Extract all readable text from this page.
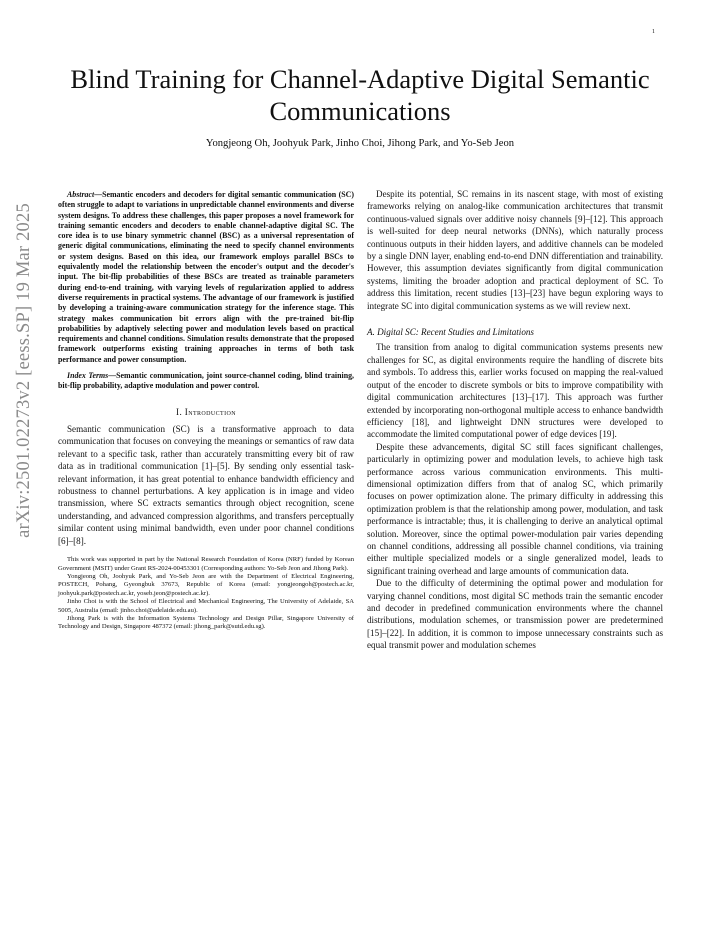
1
arXiv:2501.02273v2 [eess.SP] 19 Mar 2025
Blind Training for Channel-Adaptive Digital Semantic Communications
Yongjeong Oh, Joohyuk Park, Jinho Choi, Jihong Park, and Yo-Seb Jeon

Abstract—Semantic encoders and decoders for digital semantic communication (SC) often struggle to adapt to variations in unpredictable channel environments and diverse system designs. To address these challenges, this paper proposes a novel framework for training semantic encoders and decoders to enable channel-adaptive digital SC. The core idea is to use binary symmetric channel (BSC) as a universal representation of generic digital communications, eliminating the need to specify channel environments or system designs. Based on this idea, our framework employs parallel BSCs to equivalently model the relationship between the encoder's output and the decoder's input. The bit-flip probabilities of these BSCs are treated as trainable parameters during end-to-end training, with varying levels of regularization applied to address diverse requirements in practical systems. The advantage of our framework is justified by developing a training-aware communication strategy for the inference stage. This strategy makes communication bit errors align with the pre-trained bit-flip probabilities by adaptively selecting power and modulation levels based on practical requirements and channel conditions. Simulation results demonstrate that the proposed framework outperforms existing training approaches in terms of both task performance and power consumption.

Index Terms—Semantic communication, joint source-channel coding, blind training, bit-flip probability, adaptive modulation and power control.

I. Introduction

Semantic communication (SC) is a transformative approach to data communication that focuses on conveying the meanings or semantics of raw data relevant to a specific task, rather than accurately transmitting every bit of raw data as in traditional communication [1]–[5]. By sending only essential task-relevant information, it has great potential to enhance bandwidth efficiency and robustness to channel perturbations. A key application is in image and video transmission, where SC extracts semantics through object recognition, scene understanding, and advanced compression algorithms, and transfers perceptually similar content using minimal bandwidth, even under poor channel conditions [6]–[8].

This work was supported in part by the National Research Foundation of Korea (NRF) funded by Korean Government (MSIT) under Grant RS-2024-00453301 (Corresponding authors: Yo-Seb Jeon and Jihong Park).

Yongjeong Oh, Joohyuk Park, and Yo-Seb Jeon are with the Department of Electrical Engineering, POSTECH, Pohang, Gyeongbuk 37673, Republic of Korea (email: yongjeongoh@postech.ac.kr, joohyuk.park@postech.ac.kr, yoseb.jeon@postech.ac.kr).

Jinho Choi is with the School of Electrical and Mechanical Engineering, The University of Adelaide, SA 5005, Australia (email: jinho.choi@adelaide.edu.au).

Jihong Park is with the Information Systems Technology and Design Pillar, Singapore University of Technology and Design, Singapore 487372 (email: jihong_park@sutd.edu.sg).

Despite its potential, SC remains in its nascent stage, with most of existing frameworks relying on analog-like communication architectures that transmit continuous-valued signals over additive noisy channels [9]–[12]. This approach is well-suited for deep neural networks (DNNs), which naturally process continuous outputs in their hidden layers, and additive channels can be modeled by a single DNN layer, enabling end-to-end DNN differentiation and trainability. However, this assumption deviates significantly from digital communication systems, limiting the broader adoption and practical deployment of SC. To address this limitation, recent studies [13]–[23] have begun exploring ways to integrate SC into digital communication systems as we will review next.

A. Digital SC: Recent Studies and Limitations

The transition from analog to digital communication systems presents new challenges for SC, as digital environments require the handling of discrete bits and symbols. To address this, earlier works focused on mapping the real-valued output of the encoder to discrete symbols or bits to improve compatibility with digital communication architectures [13]–[17]. This approach was further extended by incorporating non-orthogonal multiple access to enhance bandwidth efficiency [18], and lightweight DNN structures were developed to accommodate the limited computational power of edge devices [19].

Despite these advancements, digital SC still faces significant challenges, particularly in optimizing power and modulation levels, to achieve high task performance across various communication environments. This multi-dimensional optimization differs from that of analog SC, which primarily focuses on power optimization alone. The primary difficulty in addressing this optimization problem is that the relationship among power, modulation, and task performance is intractable; thus, it is challenging to derive an analytical optimal solution. Moreover, since the optimal power-modulation pair varies depending on channel conditions, addressing all possible channel conditions, via training either multiple specialized models or a single generalized model, leads to significant training overhead and large amounts of communication data.

Due to the difficulty of determining the optimal power and modulation for varying channel conditions, most digital SC methods train the semantic encoder and decoder in predefined communication environments where the channel distributions, modulation schemes, or transmission power are predetermined [15]–[22]. In addition, it is common to impose unnecessary constraints such as equal transmit power and modulation schemes
